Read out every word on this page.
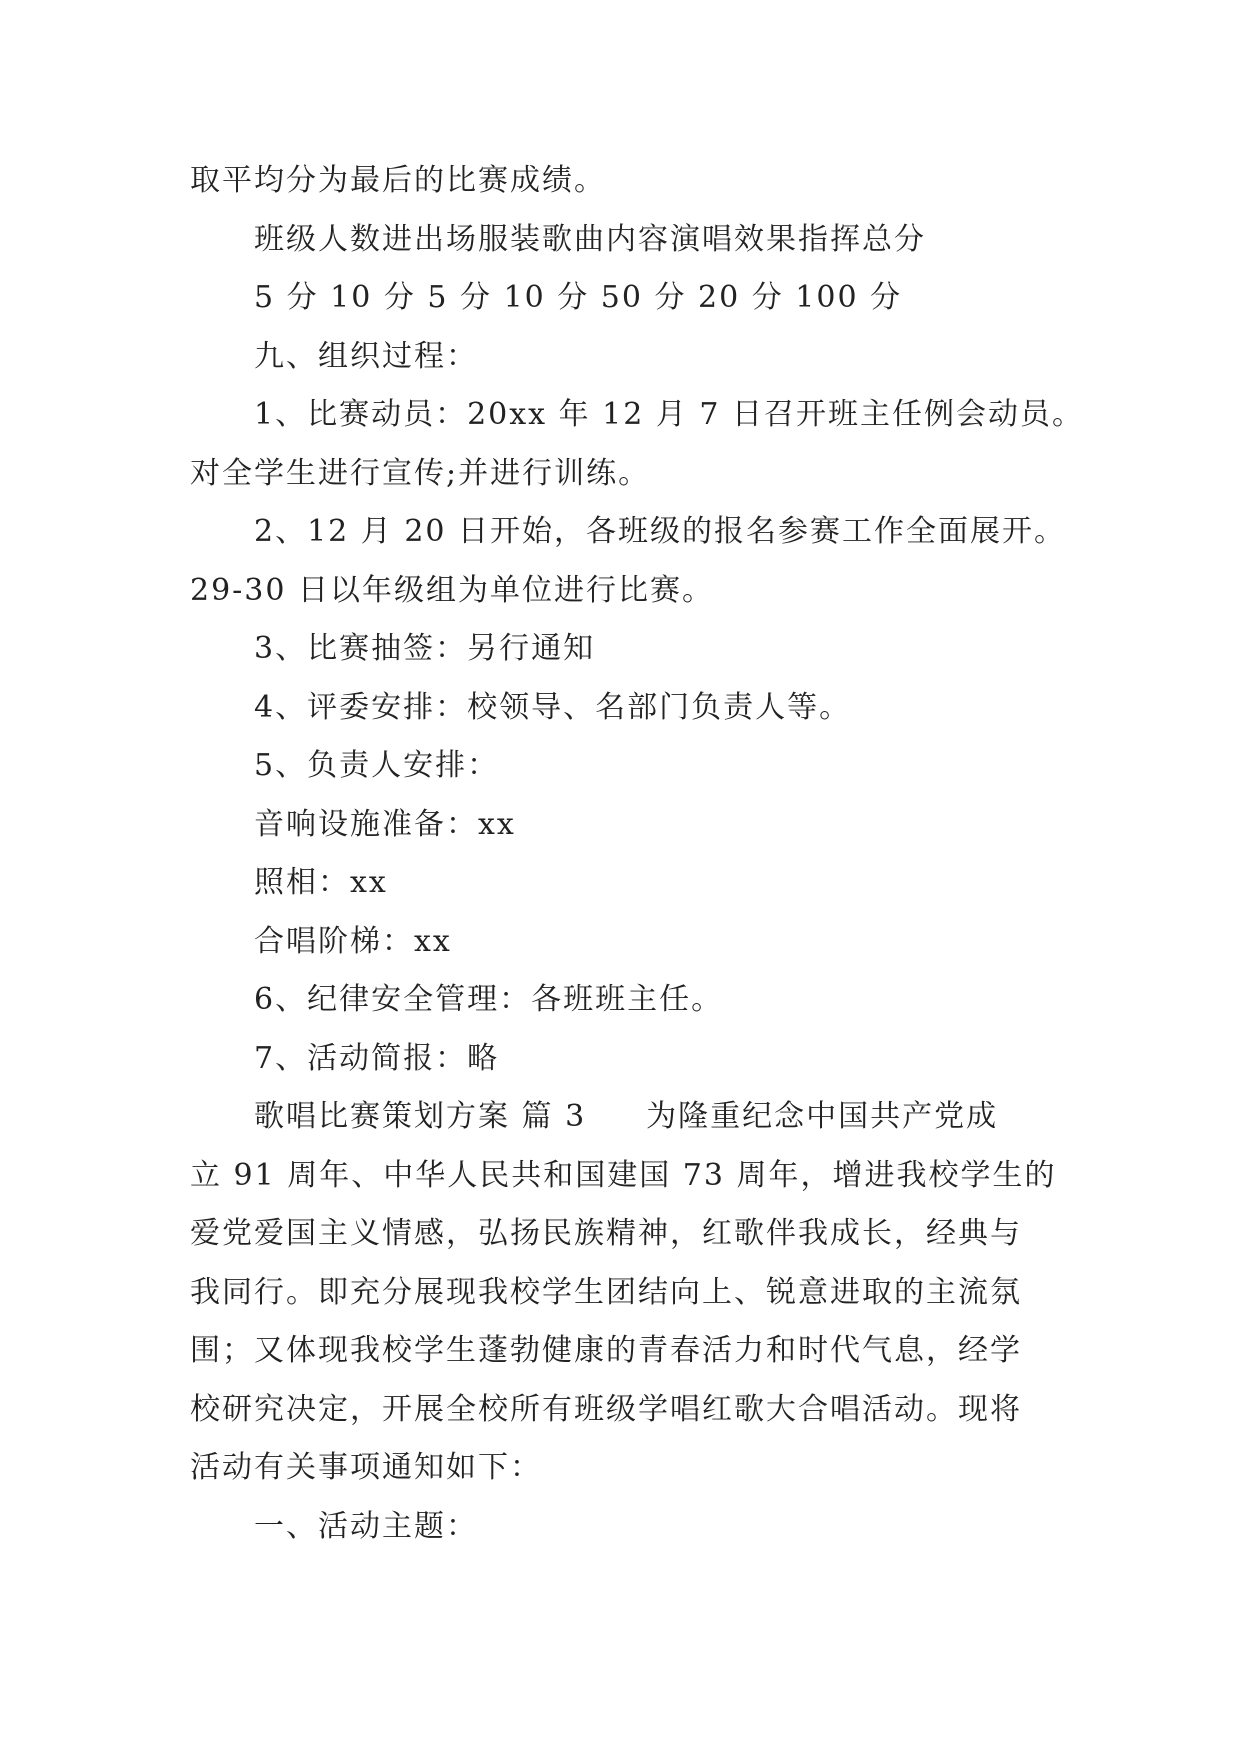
取平均分为最后的比赛成绩。
班级人数进出场服装歌曲内容演唱效果指挥总分
5 分 10 分 5 分 10 分 50 分 20 分 100 分
九、组织过程：
1、比赛动员：20xx 年 12 月 7 日召开班主任例会动员。
对全学生进行宣传;并进行训练。
2、12 月 20 日开始，各班级的报名参赛工作全面展开。
29-30 日以年级组为单位进行比赛。
3、比赛抽签：另行通知
4、评委安排：校领导、名部门负责人等。
5、负责人安排：
音响设施准备：xx
照相：xx
合唱阶梯：xx
6、纪律安全管理：各班班主任。
7、活动简报：略
歌唱比赛策划方案 篇 3 为隆重纪念中国共产党成
立 91 周年、中华人民共和国建国 73 周年，增进我校学生的
爱党爱国主义情感，弘扬民族精神，红歌伴我成长，经典与
我同行。即充分展现我校学生团结向上、锐意进取的主流氛
围；又体现我校学生蓬勃健康的青春活力和时代气息，经学
校研究决定，开展全校所有班级学唱红歌大合唱活动。现将
活动有关事项通知如下：
一、活动主题：
